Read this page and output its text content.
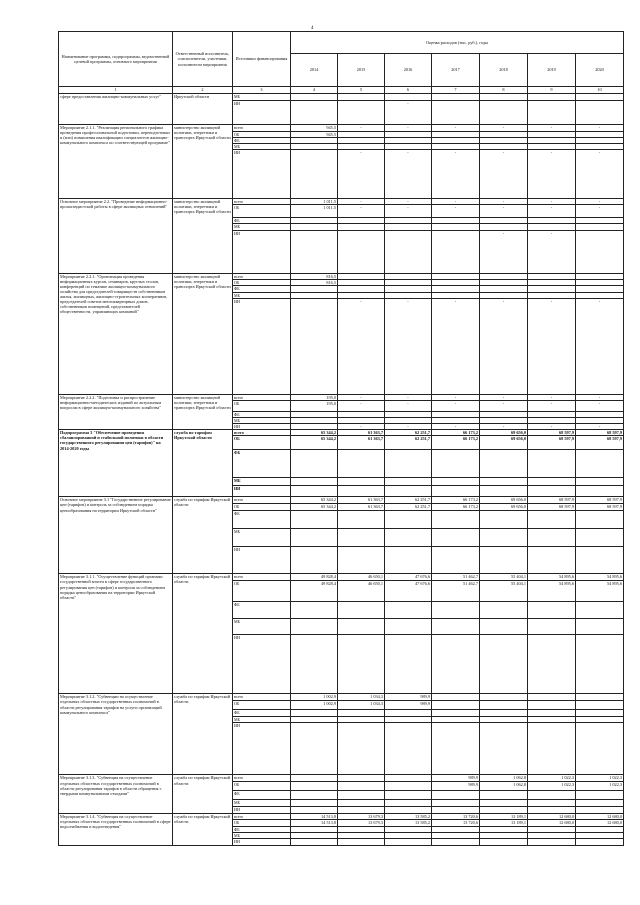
4
Наименование программы, подпрограммы, ведомственной целевой программы, основного мероприятия	Ответственный исполнитель, соисполнители, участники, исполнители мероприятия	Источники финансирования	Оценка расходов (тыс. руб.), годы						
			2014	2015	2016	2017	2018	2019	2020
1	2	3	4	5	6	7	8	9	10
сфере предоставления жилищно-коммунальных услуг"	Иркутской области	МБ							
		ИИ			-				
Мероприятие 2.1.1. "Реализация регионального графика проведения профессиональной подготовки, переподготовки и (или) повышения квалификации специалистов жилищно-коммунального комплекса по соответствующей программе"	министерство жилищной политики, энергетики и транспорта Иркутской области	всего	945,5	-	-	-	-	-	-
		ОБ	945,5						
		ФБ							
		МБ							
		ИИ		-	-	-	-	-	-
Основное мероприятие 2.2. "Проведение информационно-пропагандистской работы в сфере жилищных отношений"	министерство жилищной политики, энергетики и транспорта Иркутской области	всего	1 011,5	-	-	-	-	-	-
		ОБ	1 011,5	-	-	-	-	-	-
		ФБ							
		МБ							
		ИИ					-	-	
Мероприятие 2.2.1. "Организация проведения информационных курсов, семинаров, круглых столов, конференций по тематике жилищно-коммунального хозяйства для председателей товариществ собственников жилья, жилищных, жилищно-строительных кооперативов, председателей советов многоквартирных домов, собственников помещений, представителей общественности, управляющих компаний"	министерство жилищной политики, энергетики и транспорта Иркутской области	всего	816,5						
		ОБ	816,5						
		ФБ							
		МБ							
		ИИ		-	-	-	-	-	-
Мероприятие 2.2.2. "Подготовка и распространение информационно-методических изданий по актуальным вопросам в сфере жилищно-коммунального хозяйства"	министерство жилищной политики, энергетики и транспорта Иркутской области	всего	195,0	-	-	-	-	-	-
		ОБ	195,0	-	-	-	-	-	-
		ФБ							
		МБ							
		ИИ		-	-	-	-	-	-
Подпрограмма 3 "Обеспечение проведения сбалансированной и стабильной политики в области государственного регулирования цен (тарифов)" на 2014-2020 годы	служба по тарифам Иркутской области	всего	65 344,2	61 363,7	62 251,7	66 173,2	69 656,0	68 597,9	68 597,9
		ОБ	65 344,2	61 363,7	62 251,7	66 173,2	69 656,0	68 597,9	68 597,9
		ФБ							
		МБ							
		ИИ							
Основное мероприятие 3.1 "Государственное регулирование цен (тарифов) и контроль за соблюдением порядка ценообразования на территории Иркутской области"	служба по тарифам Иркутской области	всего	65 344,2	61 363,7	62 251,7	66 173,2	69 656,0	68 597,9	68 597,9
		ОБ	65 344,2	61 363,7	62 251,7	66 173,2	69 656,0	68 597,9	68 597,9
		ФБ							
		МБ							
		ИИ							
Мероприятие 3.1.1. "Осуществление функций органами государственной власти в сфере государственного регулирования цен (тарифов) и контроля за соблюдением порядка ценообразования на территории Иркутской области"	служба по тарифам Иркутской области	всего	49 828,4	46 650,1	47 676,6	51 462,7	55 404,1	54 895,6	54 895,6
		ОБ	49 828,4	46 650,1	47 676,6	51 462,7	55 404,1	54 895,6	54 895,6
		ФБ							
		МБ							
		ИИ							
Мероприятие 3.1.2. "Субвенции на осуществление отдельных областных государственных полномочий в области регулирования тарифов на услуги организаций коммунального комплекса"	служба по тарифам Иркутской области	всего	1 002,9	1 034,3	989,9				
		ОБ	1 002,9	1 034,3	989,9				
		ФБ							
		МБ							
		ИИ							
Мероприятие 3.1.3. "Субвенция на осуществление отдельных областных государственных полномочий в области регулирования тарифов в области обращения с твердыми коммунальными отходами"	служба по тарифам Иркутской области	всего				989,9	1 062,8	1 022,3	1 022,3
		ОБ				989,9	1 062,8	1 022,3	1 022,3
		ФБ							
		МБ							
		ИИ							
Мероприятие 3.1.4. "Субвенция на осуществление отдельных областных государственных полномочий в сфере водоснабжения и водоотведения"	служба по тарифам Иркутской области	всего	14 513,8	13 679,3	13 585,2	13 720,6	13 189,1	12 680,0	12 680,0
		ОБ	14 513,8	13 679,3	13 585,2	13 720,6	13 189,1	12 680,0	12 680,0
		ФБ							
		МБ							
		ИИ							
